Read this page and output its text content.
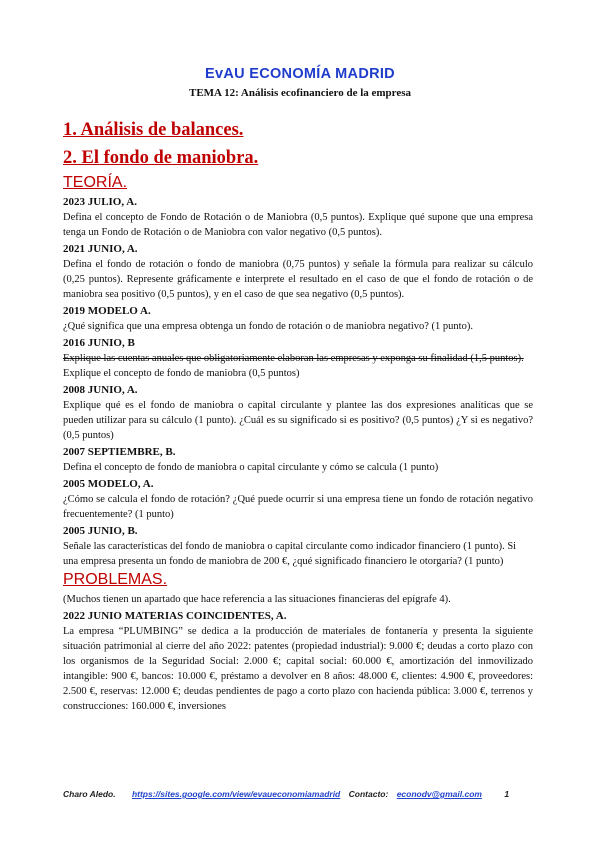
EvAU ECONOMÍA MADRID
TEMA 12: Análisis ecofinanciero de la empresa
1. Análisis de balances.
2. El fondo de maniobra.
TEORÍA.
2023 JULIO, A.
Defina el concepto de Fondo de Rotación o de Maniobra (0,5 puntos). Explique qué supone que una empresa tenga un Fondo de Rotación o de Maniobra con valor negativo (0,5 puntos).
2021 JUNIO, A.
Defina el fondo de rotación o fondo de maniobra (0,75 puntos) y señale la fórmula para realizar su cálculo (0,25 puntos). Represente gráficamente e interprete el resultado en el caso de que el fondo de rotación o de maniobra sea positivo (0,5 puntos), y en el caso de que sea negativo (0,5 puntos).
2019 MODELO A.
¿Qué significa que una empresa obtenga un fondo de rotación o de maniobra negativo? (1 punto).
2016 JUNIO, B
Explique las cuentas anuales que obligatoriamente elaboran las empresas y exponga su finalidad (1,5 puntos). Explique el concepto de fondo de maniobra (0,5 puntos)
2008 JUNIO, A.
Explique qué es el fondo de maniobra o capital circulante y plantee las dos expresiones analíticas que se pueden utilizar para su cálculo (1 punto). ¿Cuál es su significado si es positivo? (0,5 puntos) ¿Y si es negativo? (0,5 puntos)
2007 SEPTIEMBRE, B.
Defina el concepto de fondo de maniobra o capital circulante y cómo se calcula (1 punto)
2005 MODELO, A.
¿Cómo se calcula el fondo de rotación? ¿Qué puede ocurrir si una empresa tiene un fondo de rotación negativo frecuentemente? (1 punto)
2005 JUNIO, B.
Señale las características del fondo de maniobra o capital circulante como indicador financiero (1 punto). Si una empresa presenta un fondo de maniobra de 200 €, ¿qué significado financiero le otorgaría? (1 punto)
PROBLEMAS.
(Muchos tienen un apartado que hace referencia a las situaciones financieras del epígrafe 4).
2022 JUNIO MATERIAS COINCIDENTES, A.
La empresa “PLUMBING” se dedica a la producción de materiales de fontanería y presenta la siguiente situación patrimonial al cierre del año 2022: patentes (propiedad industrial): 9.000 €; deudas a corto plazo con los organismos de la Seguridad Social: 2.000 €; capital social: 60.000 €, amortización del inmovilizado intangible: 900 €, bancos: 10.000 €, préstamo a devolver en 8 años: 48.000 €, clientes: 4.900 €, proveedores: 2.500 €, reservas: 12.000 €; deudas pendientes de pago a corto plazo con hacienda pública: 3.000 €, terrenos y construcciones: 160.000 €, inversiones
Charo Aledo. https://sites.google.com/view/evaueconomiamadrid Contacto: econodv@gmail.com	1
